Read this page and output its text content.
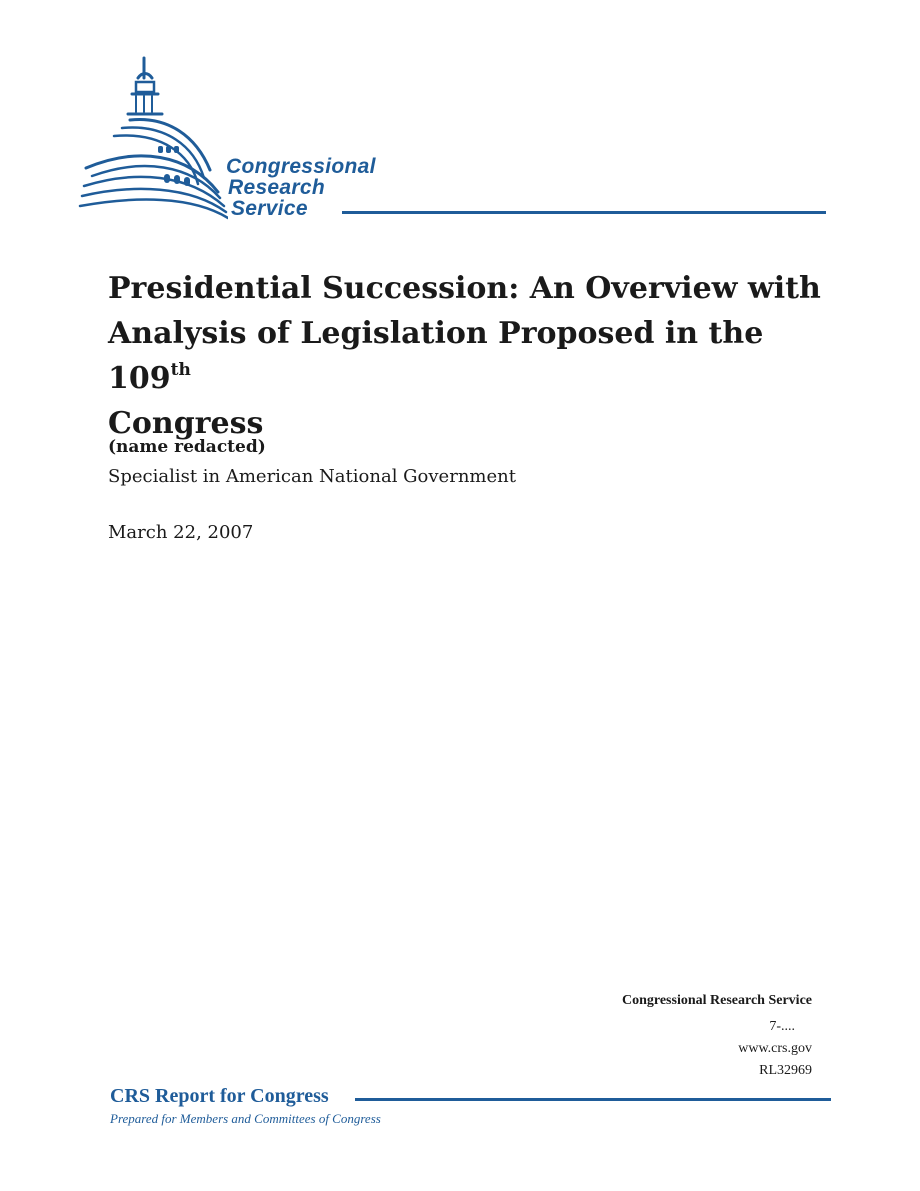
Congressional
Research
Service
Presidential Succession: An Overview with Analysis of Legislation Proposed in the 109th
Congress
(name redacted)
Specialist in American National Government
March 22, 2007
Congressional Research Service
7-....
www.crs.gov
RL32969
CRS Report for Congress
Prepared for Members and Committees of Congress
